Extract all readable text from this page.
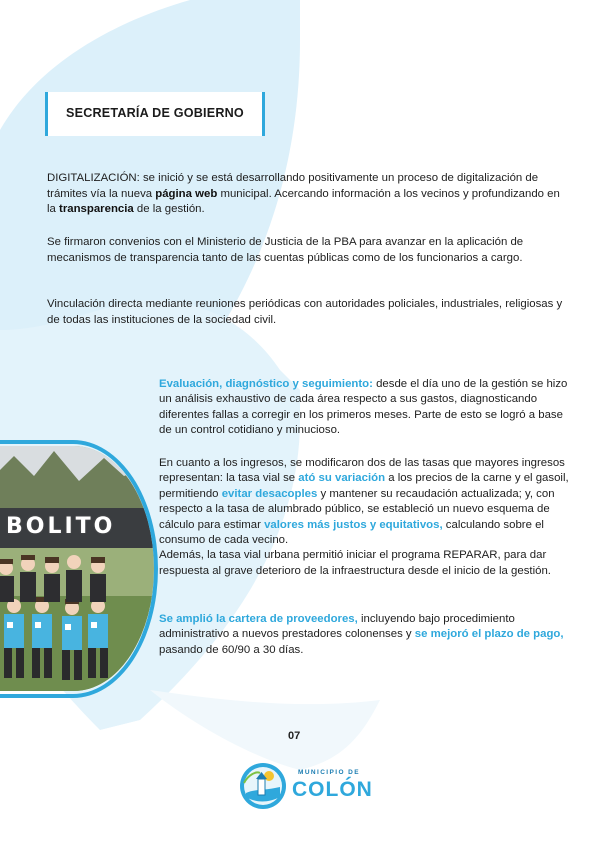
SECRETARÍA DE GOBIERNO

DIGITALIZACIÓN: se inició y se está desarrollando positivamente un proceso de digitalización de trámites vía la nueva página web municipal. Acercando información a los vecinos y profundizando en la transparencia de la gestión.

Se firmaron convenios con el Ministerio de Justicia de la PBA para avanzar en la aplicación de mecanismos de transparencia tanto de las cuentas públicas como de los funcionarios a cargo.

Vinculación directa mediante reuniones periódicas con autoridades policiales, industriales, religiosas y de todas las instituciones de la sociedad civil.

Evaluación, diagnóstico y seguimiento: desde el día uno de la gestión se hizo un análisis exhaustivo de cada área respecto a sus gastos, diagnosticando diferentes fallas a corregir en los primeros meses. Parte de esto se logró a base de un control cotidiano y minucioso.

En cuanto a los ingresos, se modificaron dos de las tasas que mayores ingresos representan: la tasa vial se ató su variación a los precios de la carne y el gasoil, permitiendo evitar desacoples y mantener su recaudación actualizada; y, con respecto a la tasa de alumbrado público, se estableció un nuevo esquema de cálculo para estimar valores más justos y equitativos, calculando sobre el consumo de cada vecino.
Además, la tasa vial urbana permitió iniciar el programa REPARAR, para dar respuesta al grave deterioro de la infraestructura desde el inicio de la gestión.

Se amplió la cartera de proveedores, incluyendo bajo procedimiento administrativo a nuevos prestadores colonenses y se mejoró el plazo de pago, pasando de 60/90 a 30 días.

BOLITO
07
MUNICIPIO DE
COLÓN
